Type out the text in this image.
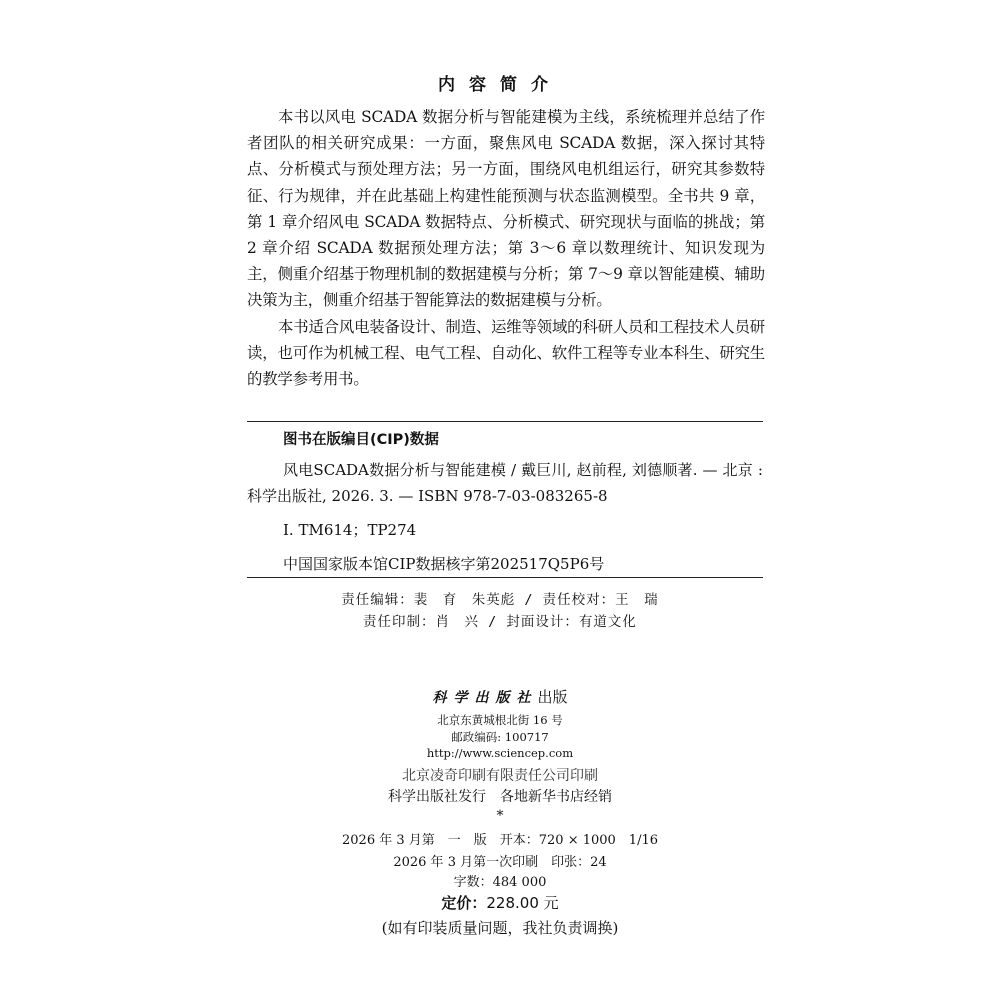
内容简介

本书以风电 SCADA 数据分析与智能建模为主线，系统梳理并总结了作者团队的相关研究成果：一方面，聚焦风电 SCADA 数据，深入探讨其特点、分析模式与预处理方法；另一方面，围绕风电机组运行，研究其参数特征、行为规律，并在此基础上构建性能预测与状态监测模型。全书共 9 章，第 1 章介绍风电 SCADA 数据特点、分析模式、研究现状与面临的挑战；第 2 章介绍 SCADA 数据预处理方法；第 3～6 章以数理统计、知识发现为主，侧重介绍基于物理机制的数据建模与分析；第 7～9 章以智能建模、辅助决策为主，侧重介绍基于智能算法的数据建模与分析。

本书适合风电装备设计、制造、运维等领域的科研人员和工程技术人员研读，也可作为机械工程、电气工程、自动化、软件工程等专业本科生、研究生的教学参考用书。

图书在版编目(CIP)数据

风电SCADA数据分析与智能建模 / 戴巨川, 赵前程, 刘德顺著. — 北京 : 科学出版社, 2026. 3. — ISBN 978-7-03-083265-8

Ⅰ. TM614；TP274
中国国家版本馆CIP数据核字第202517Q5P6号
责任编辑：裴　育　朱英彪 / 责任校对：王　瑞
责任印制：肖　兴 / 封面设计：有道文化
科学出版社出版
北京东黄城根北街 16 号
邮政编码: 100717
http://www.sciencep.com
北京凌奇印刷有限责任公司印刷
科学出版社发行　各地新华书店经销
*
2026 年 3 月第　一　版　开本：720 × 1000　1/16
2026 年 3 月第一次印刷　印张：24
字数：484 000
定价：228.00 元
(如有印装质量问题，我社负责调换)
